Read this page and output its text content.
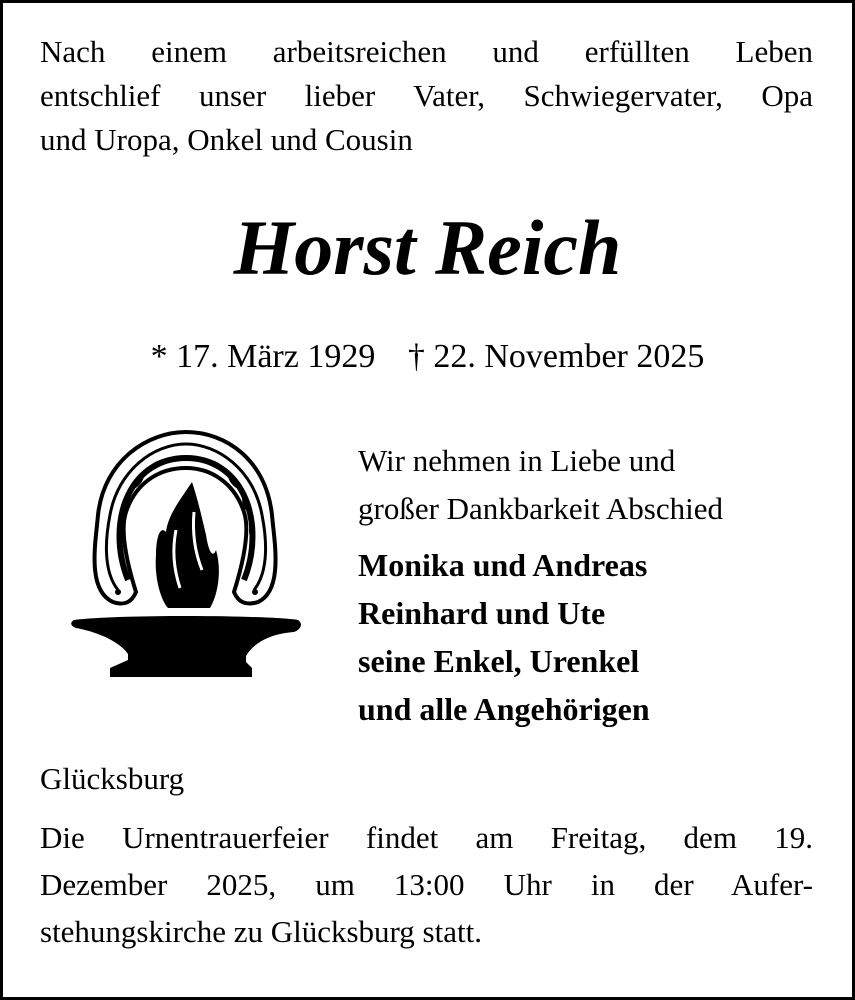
Nach einem arbeitsreichen und erfüllten Leben
entschlief unser lieber Vater, Schwiegervater, Opa
und Uropa, Onkel und Cousin
Horst Reich
* 17. März 1929 † 22. November 2025
Wir nehmen in Liebe und
großer Dankbarkeit Abschied
Monika und Andreas
Reinhard und Ute
seine Enkel, Urenkel
und alle Angehörigen
Glücksburg
Die Urnentrauerfeier findet am Freitag, dem 19.
Dezember 2025, um 13:00 Uhr in der Aufer-
stehungskirche zu Glücksburg statt.
